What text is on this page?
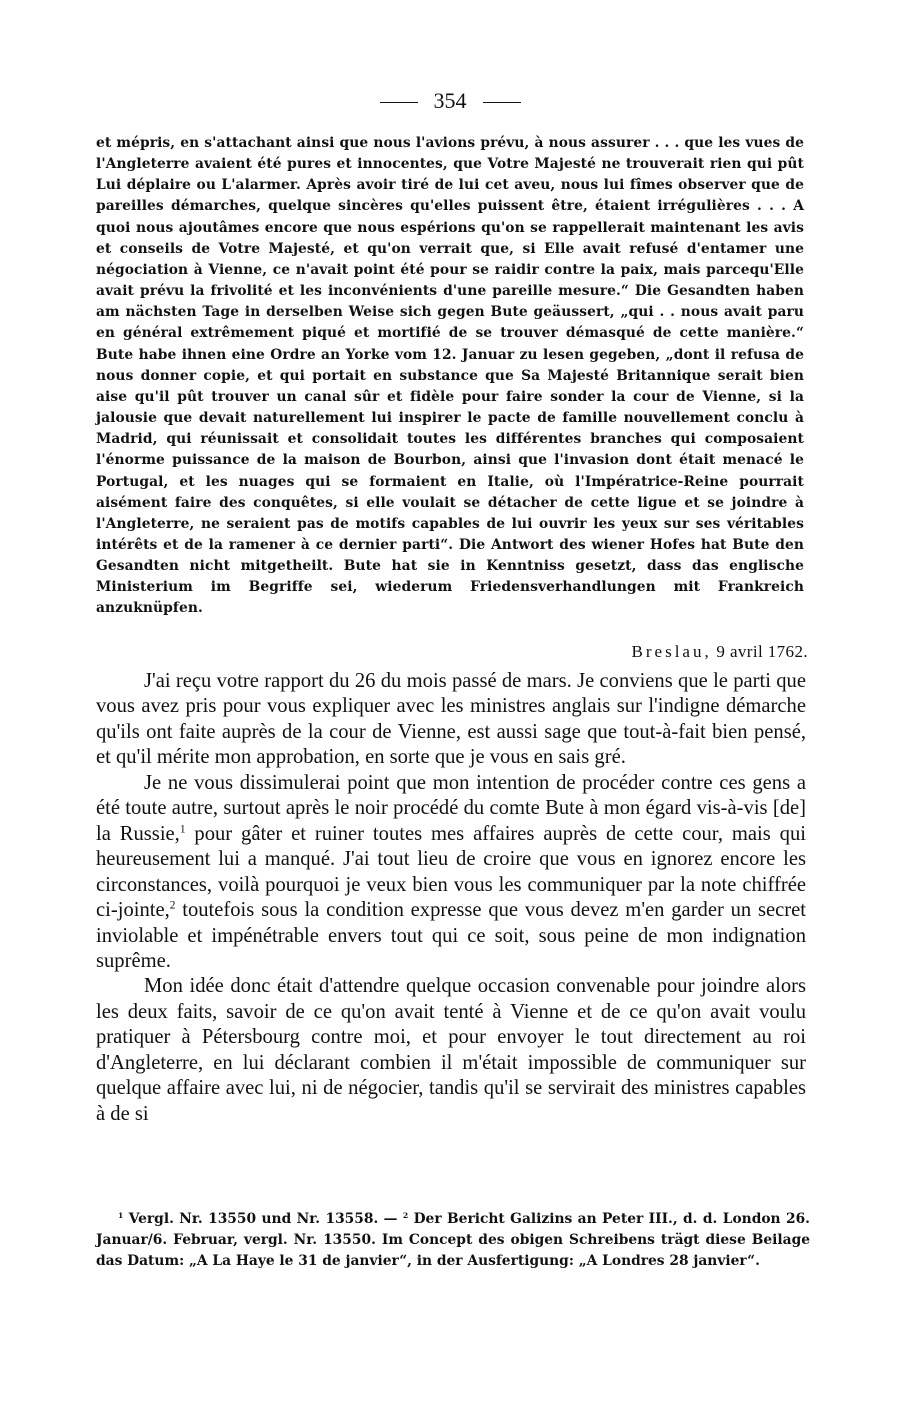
354

et mépris, en s'attachant ainsi que nous l'avions prévu, à nous assurer . . . que les vues de l'Angleterre avaient été pures et innocentes, que Votre Majesté ne trouverait rien qui pût Lui déplaire ou L'alarmer. Après avoir tiré de lui cet aveu, nous lui fîmes observer que de pareilles démarches, quelque sincères qu'elles puissent être, étaient irrégulières . . . A quoi nous ajoutâmes encore que nous espérions qu'on se rappellerait maintenant les avis et conseils de Votre Majesté, et qu'on verrait que, si Elle avait refusé d'entamer une négociation à Vienne, ce n'avait point été pour se raidir contre la paix, mais parcequ'Elle avait prévu la frivolité et les inconvénients d'une pareille mesure.“ Die Gesandten haben am nächsten Tage in derselben Weise sich gegen Bute geäussert, „qui . . nous avait paru en général extrêmement piqué et mortifié de se trouver démasqué de cette manière.“ Bute habe ihnen eine Ordre an Yorke vom 12. Januar zu lesen gegeben, „dont il refusa de nous donner copie, et qui portait en substance que Sa Majesté Britannique serait bien aise qu'il pût trouver un canal sûr et fidèle pour faire sonder la cour de Vienne, si la jalousie que devait naturellement lui inspirer le pacte de famille nouvellement conclu à Madrid, qui réunissait et consolidait toutes les différentes branches qui composaient l'énorme puissance de la maison de Bourbon, ainsi que l'invasion dont était menacé le Portugal, et les nuages qui se formaient en Italie, où l'Impératrice-Reine pourrait aisément faire des conquêtes, si elle voulait se détacher de cette ligue et se joindre à l'Angleterre, ne seraient pas de motifs capables de lui ouvrir les yeux sur ses véritables intérêts et de la ramener à ce dernier parti“. Die Antwort des wiener Hofes hat Bute den Gesandten nicht mitgetheilt. Bute hat sie in Kenntniss gesetzt, dass das englische Ministerium im Begriffe sei, wiederum Friedensverhandlungen mit Frankreich anzuknüpfen.

Breslau, 9 avril 1762.

J'ai reçu votre rapport du 26 du mois passé de mars. Je conviens que le parti que vous avez pris pour vous expliquer avec les ministres anglais sur l'indigne démarche qu'ils ont faite auprès de la cour de Vienne, est aussi sage que tout-à-fait bien pensé, et qu'il mérite mon approbation, en sorte que je vous en sais gré.

Je ne vous dissimulerai point que mon intention de procéder contre ces gens a été toute autre, surtout après le noir procédé du comte Bute à mon égard vis-à-vis [de] la Russie,$^1$ pour gâter et ruiner toutes mes affaires auprès de cette cour, mais qui heureusement lui a manqué. J'ai tout lieu de croire que vous en ignorez encore les circonstances, voilà pourquoi je veux bien vous les communiquer par la note chiffrée ci-jointe,$^2$ toutefois sous la condition expresse que vous devez m'en garder un secret inviolable et impénétrable envers tout qui ce soit, sous peine de mon indignation suprême.

Mon idée donc était d'attendre quelque occasion convenable pour joindre alors les deux faits, savoir de ce qu'on avait tenté à Vienne et de ce qu'on avait voulu pratiquer à Pétersbourg contre moi, et pour envoyer le tout directement au roi d'Angleterre, en lui déclarant combien il m'était impossible de communiquer sur quelque affaire avec lui, ni de négocier, tandis qu'il se servirait des ministres capables à de si

$^1$ Vergl. Nr. 13550 und Nr. 13558. — $^2$ Der Bericht Galizins an Peter III., d. d. London 26. Januar/6. Februar, vergl. Nr. 13550. Im Concept des obigen Schreibens trägt diese Beilage das Datum: „A La Haye le 31 de janvier“, in der Ausfertigung: „A Londres 28 janvier“.
